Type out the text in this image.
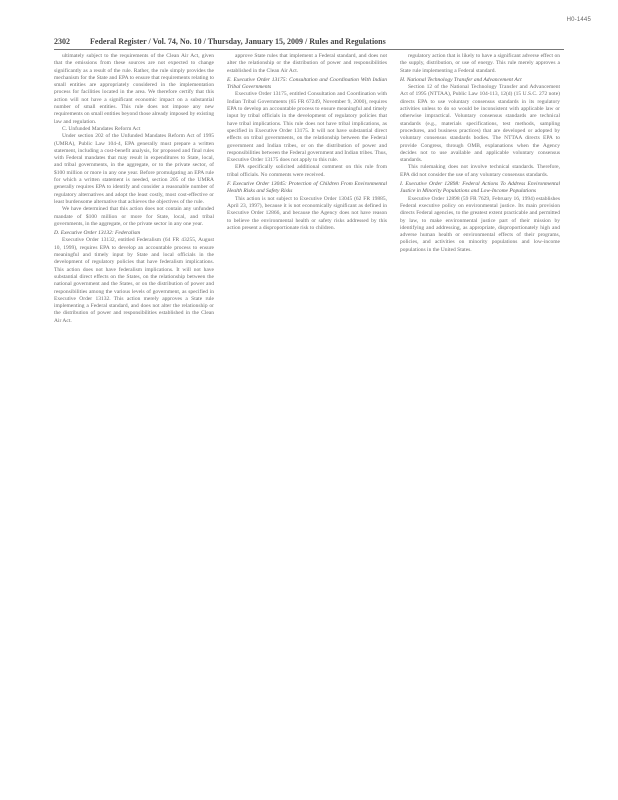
H0-1445
2302	Federal Register / Vol. 74, No. 10 / Thursday, January 15, 2009 / Rules and Regulations

ultimately subject to the requirements of the Clean Air Act, given that the emissions from these sources are not expected to change significantly as a result of the rule. Rather, the rule simply provides the mechanism for the State and EPA to ensure that requirements relating to small entities are appropriately considered in the implementation process for facilities located in the area. We therefore certify that this action will not have a significant economic impact on a substantial number of small entities. This rule does not impose any new requirements on small entities beyond those already imposed by existing law and regulation.

C. Unfunded Mandates Reform Act

Under section 202 of the Unfunded Mandates Reform Act of 1995 (UMRA), Public Law 104-4, EPA generally must prepare a written statement, including a cost-benefit analysis, for proposed and final rules with Federal mandates that may result in expenditures to State, local, and tribal governments, in the aggregate, or to the private sector, of $100 million or more in any one year. Before promulgating an EPA rule for which a written statement is needed, section 205 of the UMRA generally requires EPA to identify and consider a reasonable number of regulatory alternatives and adopt the least costly, most cost-effective or least burdensome alternative that achieves the objectives of the rule.

We have determined that this action does not contain any unfunded mandate of $100 million or more for State, local, and tribal governments, in the aggregate, or the private sector in any one year.

D. Executive Order 13132: Federalism

Executive Order 13132, entitled Federalism (64 FR 43255, August 10, 1999), requires EPA to develop an accountable process to ensure meaningful and timely input by State and local officials in the development of regulatory policies that have federalism implications. This action does not have federalism implications. It will not have substantial direct effects on the States, on the relationship between the national government and the States, or on the distribution of power and responsibilities among the various levels of government, as specified in Executive Order 13132. This action merely approves a State rule implementing a Federal standard, and does not alter the relationship or the distribution of power and responsibilities established in the Clean Air Act.

approve State rules that implement a Federal standard, and does not alter the relationship or the distribution of power and responsibilities established in the Clean Air Act.

E. Executive Order 13175: Consultation and Coordination With Indian Tribal Governments

Executive Order 13175, entitled Consultation and Coordination with Indian Tribal Governments (65 FR 67249, November 9, 2000), requires EPA to develop an accountable process to ensure meaningful and timely input by tribal officials in the development of regulatory policies that have tribal implications. This rule does not have tribal implications, as specified in Executive Order 13175. It will not have substantial direct effects on tribal governments, on the relationship between the Federal government and Indian tribes, or on the distribution of power and responsibilities between the Federal government and Indian tribes. Thus, Executive Order 13175 does not apply to this rule.

EPA specifically solicited additional comment on this rule from tribal officials. No comments were received.

F. Executive Order 13045: Protection of Children From Environmental Health Risks and Safety Risks

This action is not subject to Executive Order 13045 (62 FR 19885, April 23, 1997), because it is not economically significant as defined in Executive Order 12866, and because the Agency does not have reason to believe the environmental health or safety risks addressed by this action present a disproportionate risk to children.

regulatory action that is likely to have a significant adverse effect on the supply, distribution, or use of energy. This rule merely approves a State rule implementing a Federal standard.

H. National Technology Transfer and Advancement Act

Section 12 of the National Technology Transfer and Advancement Act of 1995 (NTTAA), Public Law 104-113, 12(d) (15 U.S.C. 272 note) directs EPA to use voluntary consensus standards in its regulatory activities unless to do so would be inconsistent with applicable law or otherwise impractical. Voluntary consensus standards are technical standards (e.g., materials specifications, test methods, sampling procedures, and business practices) that are developed or adopted by voluntary consensus standards bodies. The NTTAA directs EPA to provide Congress, through OMB, explanations when the Agency decides not to use available and applicable voluntary consensus standards.

This rulemaking does not involve technical standards. Therefore, EPA did not consider the use of any voluntary consensus standards.

I. Executive Order 12898: Federal Actions To Address Environmental Justice in Minority Populations and Low-Income Populations

Executive Order 12898 (59 FR 7629, February 16, 1994) establishes Federal executive policy on environmental justice. Its main provision directs Federal agencies, to the greatest extent practicable and permitted by law, to make environmental justice part of their mission by identifying and addressing, as appropriate, disproportionately high and adverse human health or environmental effects of their programs, policies, and activities on minority populations and low-income populations in the United States.
